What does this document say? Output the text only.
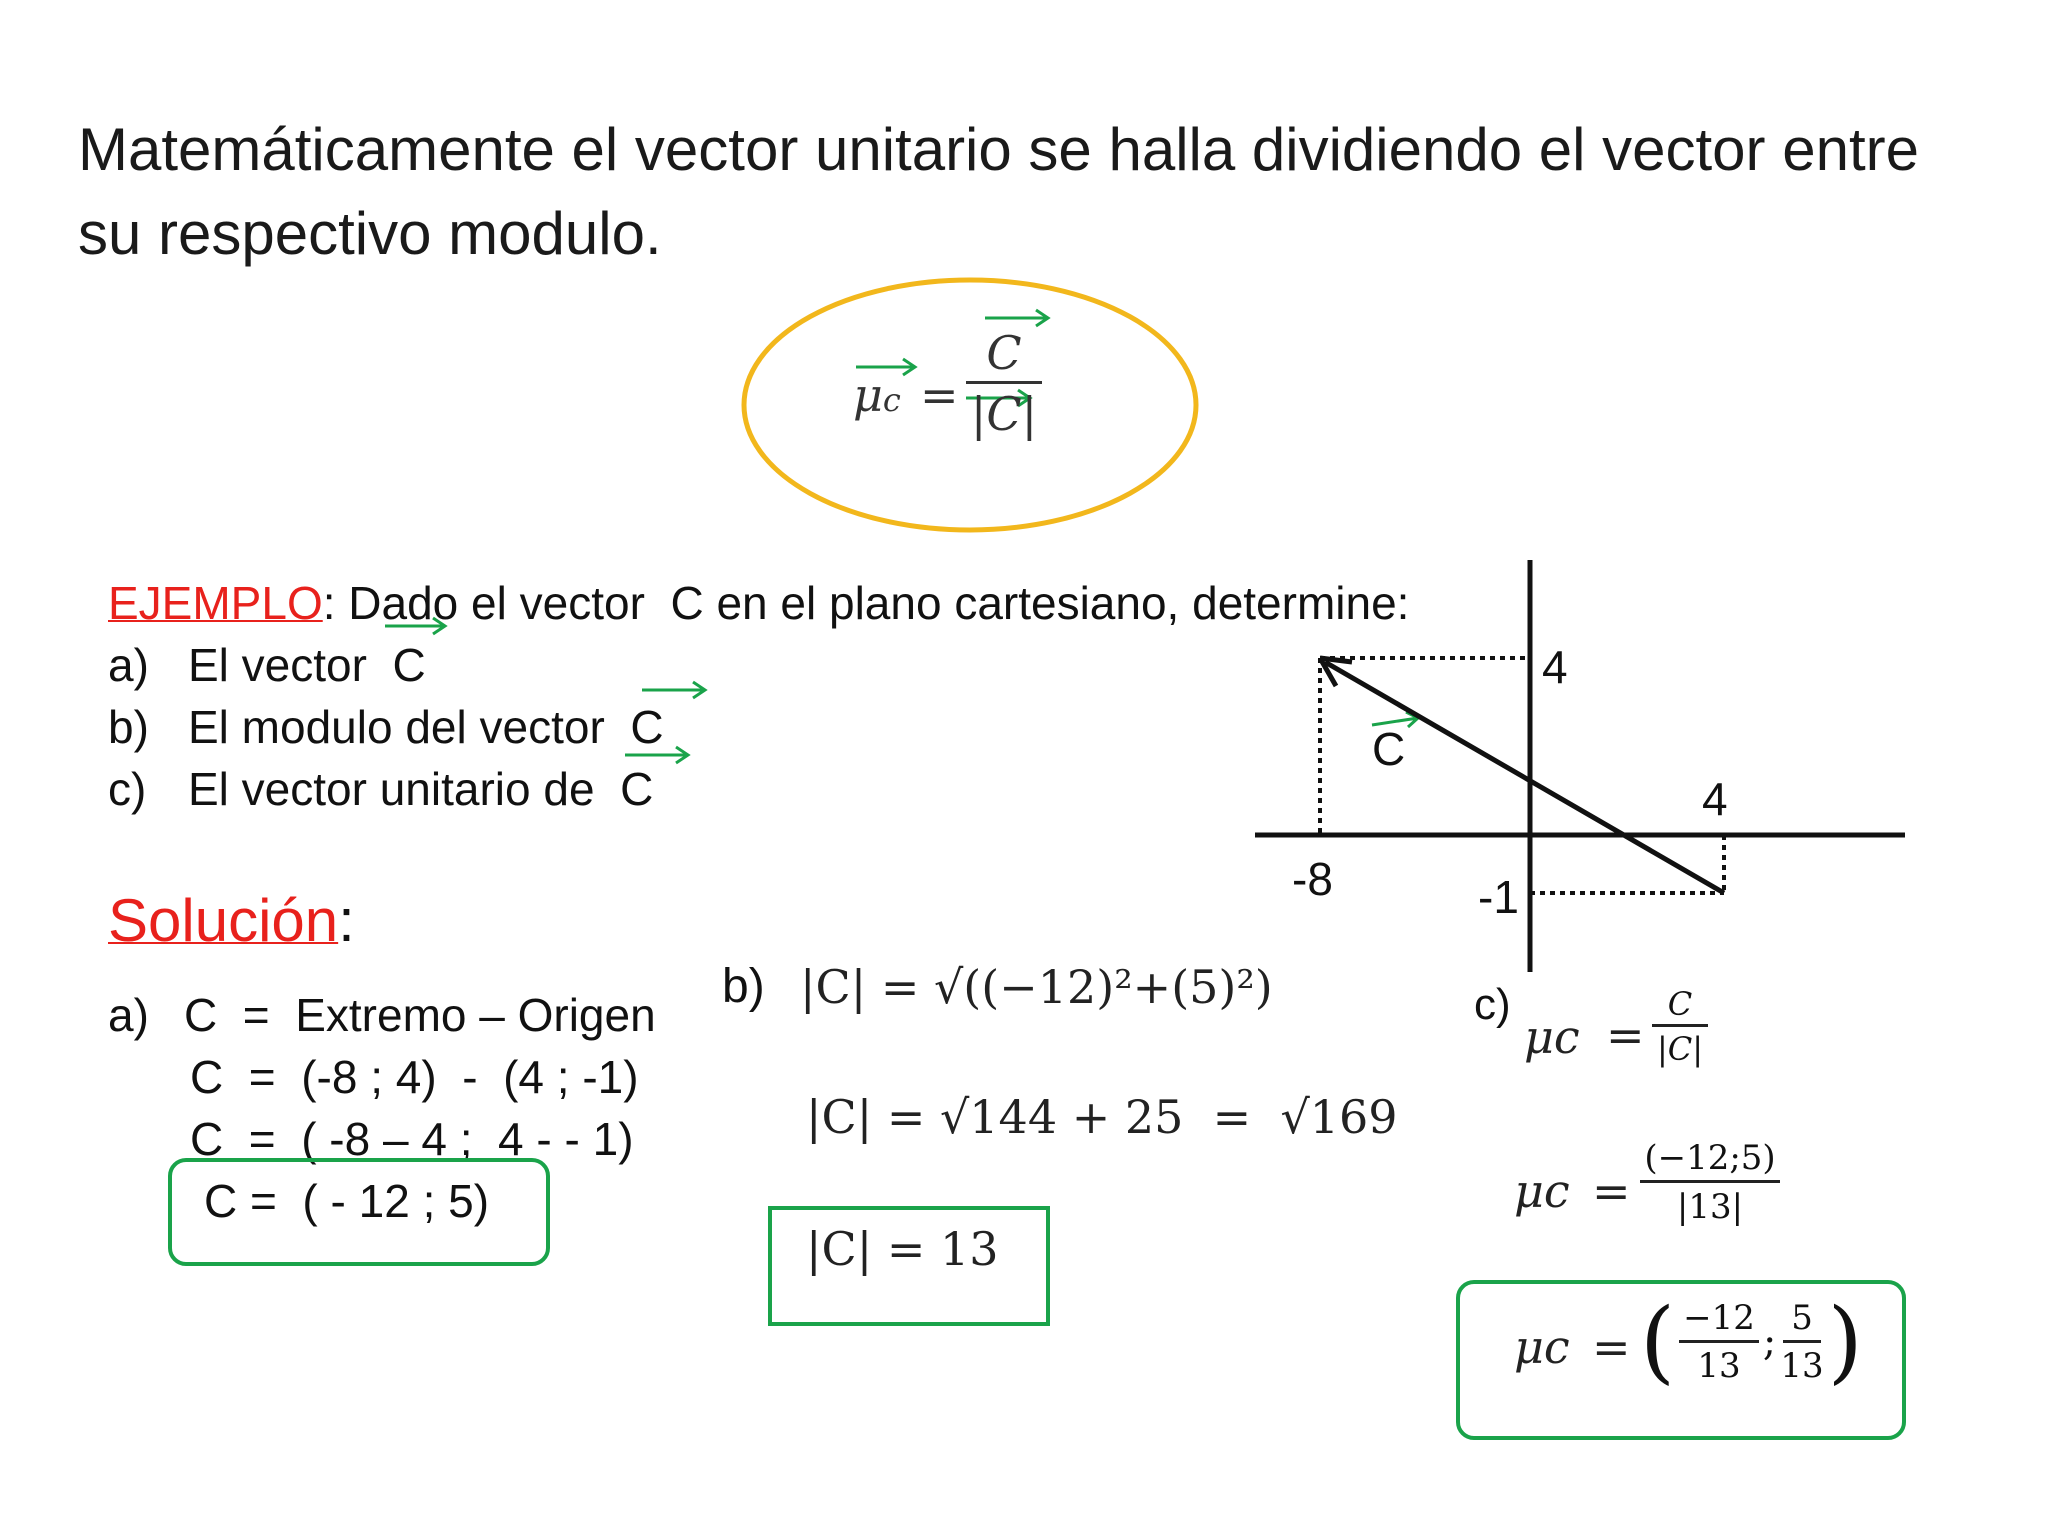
Matemáticamente el vector unitario se halla dividiendo el vector entre su respectivo modulo.
$\mu c = \frac{C}{|C|}$
EJEMPLO: Dado el vector  C en el plano cartesiano, determine:
a) El vector  C
b) El modulo del vector  C
c) El vector unitario de  C
4
4
-8	-1
C
Solución:
a) C  =  Extremo – Origen
C  =  (-8 ; 4)  -  (4 ; -1)
C  =  ( -8 – 4 ;  4 - - 1)
C =  ( - 12 ; 5)
b) |C| = √((−12)²+(5)²)
|C| = √144 + 25  =  √169
|C| = 13
c)
$\mu c = \frac{C}{|C|}$
$\mu c = \frac{(-12;5)}{|13|}$
μc = ( $\frac{-12}{13}$ ; $\frac{5}{13}$ )
